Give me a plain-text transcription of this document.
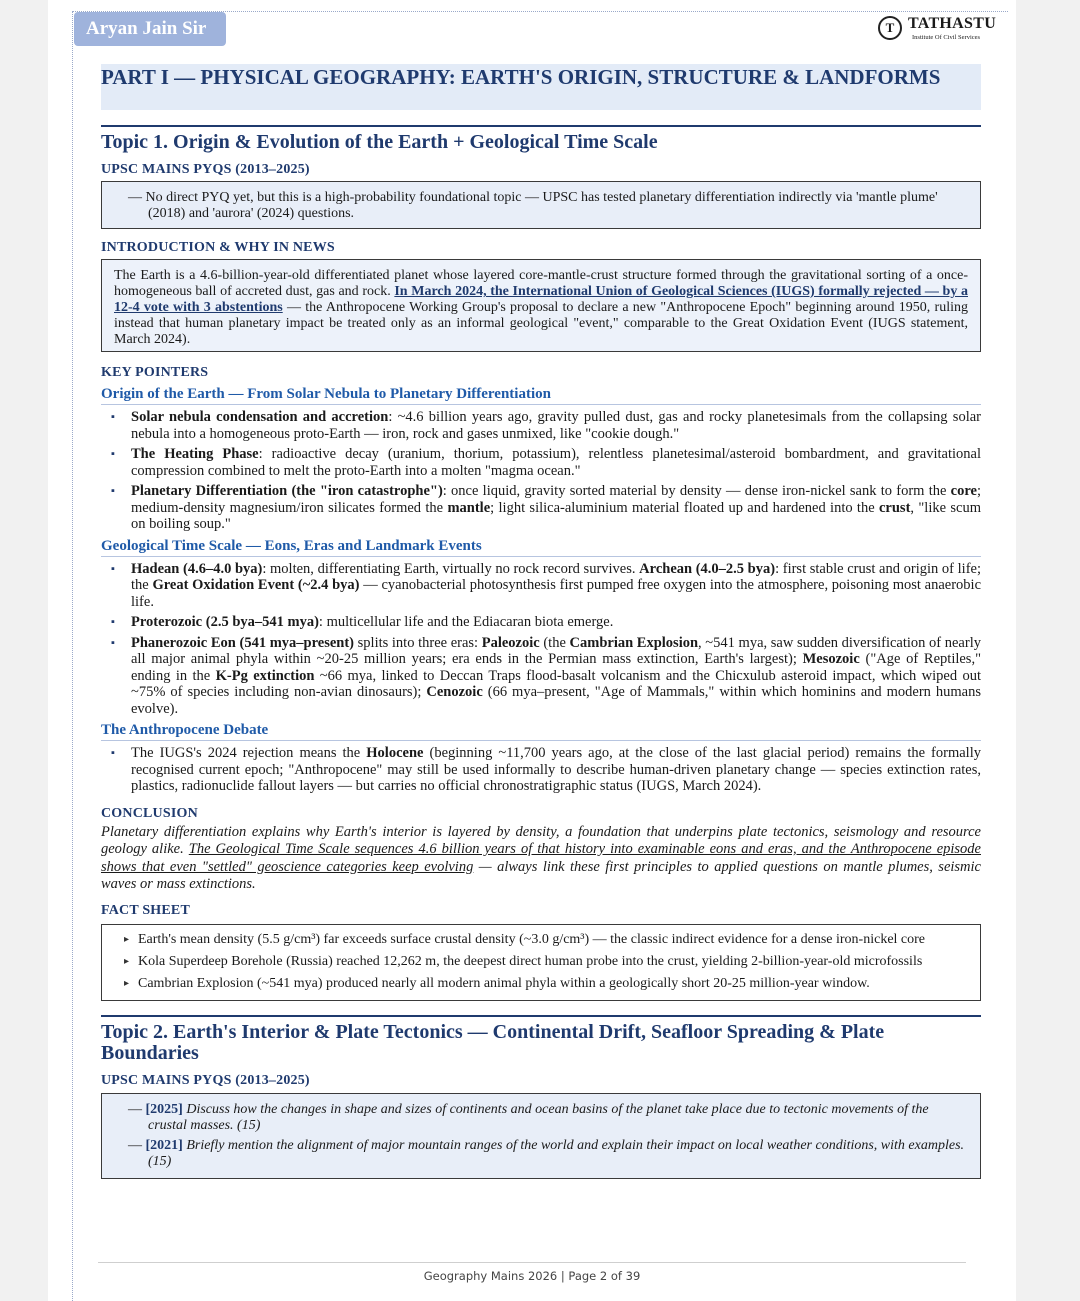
Aryan Jain Sir	T TATHASTU
Institute Of Civil Services
PART I — PHYSICAL GEOGRAPHY: EARTH'S ORIGIN, STRUCTURE & LANDFORMS
Topic 1. Origin & Evolution of the Earth + Geological Time Scale
UPSC MAINS PYQS (2013–2025)
— No direct PYQ yet, but this is a high-probability foundational topic — UPSC has tested planetary differentiation indirectly via 'mantle plume' (2018) and 'aurora' (2024) questions.
INTRODUCTION & WHY IN NEWS
The Earth is a 4.6-billion-year-old differentiated planet whose layered core-mantle-crust structure formed through the gravitational sorting of a once-homogeneous ball of accreted dust, gas and rock. In March 2024, the International Union of Geological Sciences (IUGS) formally rejected — by a 12-4 vote with 3 abstentions — the Anthropocene Working Group's proposal to declare a new "Anthropocene Epoch" beginning around 1950, ruling instead that human planetary impact be treated only as an informal geological "event," comparable to the Great Oxidation Event (IUGS statement, March 2024).
KEY POINTERS
Origin of the Earth — From Solar Nebula to Planetary Differentiation
▪ Solar nebula condensation and accretion: ~4.6 billion years ago, gravity pulled dust, gas and rocky planetesimals from the collapsing solar nebula into a homogeneous proto-Earth — iron, rock and gases unmixed, like "cookie dough."
▪ The Heating Phase: radioactive decay (uranium, thorium, potassium), relentless planetesimal/asteroid bombardment, and gravitational compression combined to melt the proto-Earth into a molten "magma ocean."
▪ Planetary Differentiation (the "iron catastrophe"): once liquid, gravity sorted material by density — dense iron-nickel sank to form the core; medium-density magnesium/iron silicates formed the mantle; light silica-aluminium material floated up and hardened into the crust, "like scum on boiling soup."
Geological Time Scale — Eons, Eras and Landmark Events
▪ Hadean (4.6–4.0 bya): molten, differentiating Earth, virtually no rock record survives. Archean (4.0–2.5 bya): first stable crust and origin of life; the Great Oxidation Event (~2.4 bya) — cyanobacterial photosynthesis first pumped free oxygen into the atmosphere, poisoning most anaerobic life.
▪ Proterozoic (2.5 bya–541 mya): multicellular life and the Ediacaran biota emerge.
▪ Phanerozoic Eon (541 mya–present) splits into three eras: Paleozoic (the Cambrian Explosion, ~541 mya, saw sudden diversification of nearly all major animal phyla within ~20-25 million years; era ends in the Permian mass extinction, Earth's largest); Mesozoic ("Age of Reptiles," ending in the K-Pg extinction ~66 mya, linked to Deccan Traps flood-basalt volcanism and the Chicxulub asteroid impact, which wiped out ~75% of species including non-avian dinosaurs); Cenozoic (66 mya–present, "Age of Mammals," within which hominins and modern humans evolve).
The Anthropocene Debate
▪ The IUGS's 2024 rejection means the Holocene (beginning ~11,700 years ago, at the close of the last glacial period) remains the formally recognised current epoch; "Anthropocene" may still be used informally to describe human-driven planetary change — species extinction rates, plastics, radionuclide fallout layers — but carries no official chronostratigraphic status (IUGS, March 2024).
CONCLUSION
Planetary differentiation explains why Earth's interior is layered by density, a foundation that underpins plate tectonics, seismology and resource geology alike. The Geological Time Scale sequences 4.6 billion years of that history into examinable eons and eras, and the Anthropocene episode shows that even "settled" geoscience categories keep evolving — always link these first principles to applied questions on mantle plumes, seismic waves or mass extinctions.
FACT SHEET
▸ Earth's mean density (5.5 g/cm³) far exceeds surface crustal density (~3.0 g/cm³) — the classic indirect evidence for a dense iron-nickel core
▸ Kola Superdeep Borehole (Russia) reached 12,262 m, the deepest direct human probe into the crust, yielding 2-billion-year-old microfossils
▸ Cambrian Explosion (~541 mya) produced nearly all modern animal phyla within a geologically short 20-25 million-year window.
Topic 2. Earth's Interior & Plate Tectonics — Continental Drift, Seafloor Spreading & Plate Boundaries
UPSC MAINS PYQS (2013–2025)
— [2025] Discuss how the changes in shape and sizes of continents and ocean basins of the planet take place due to tectonic movements of the crustal masses. (15)
— [2021] Briefly mention the alignment of major mountain ranges of the world and explain their impact on local weather conditions, with examples. (15)
Geography Mains 2026 | Page 2 of 39
